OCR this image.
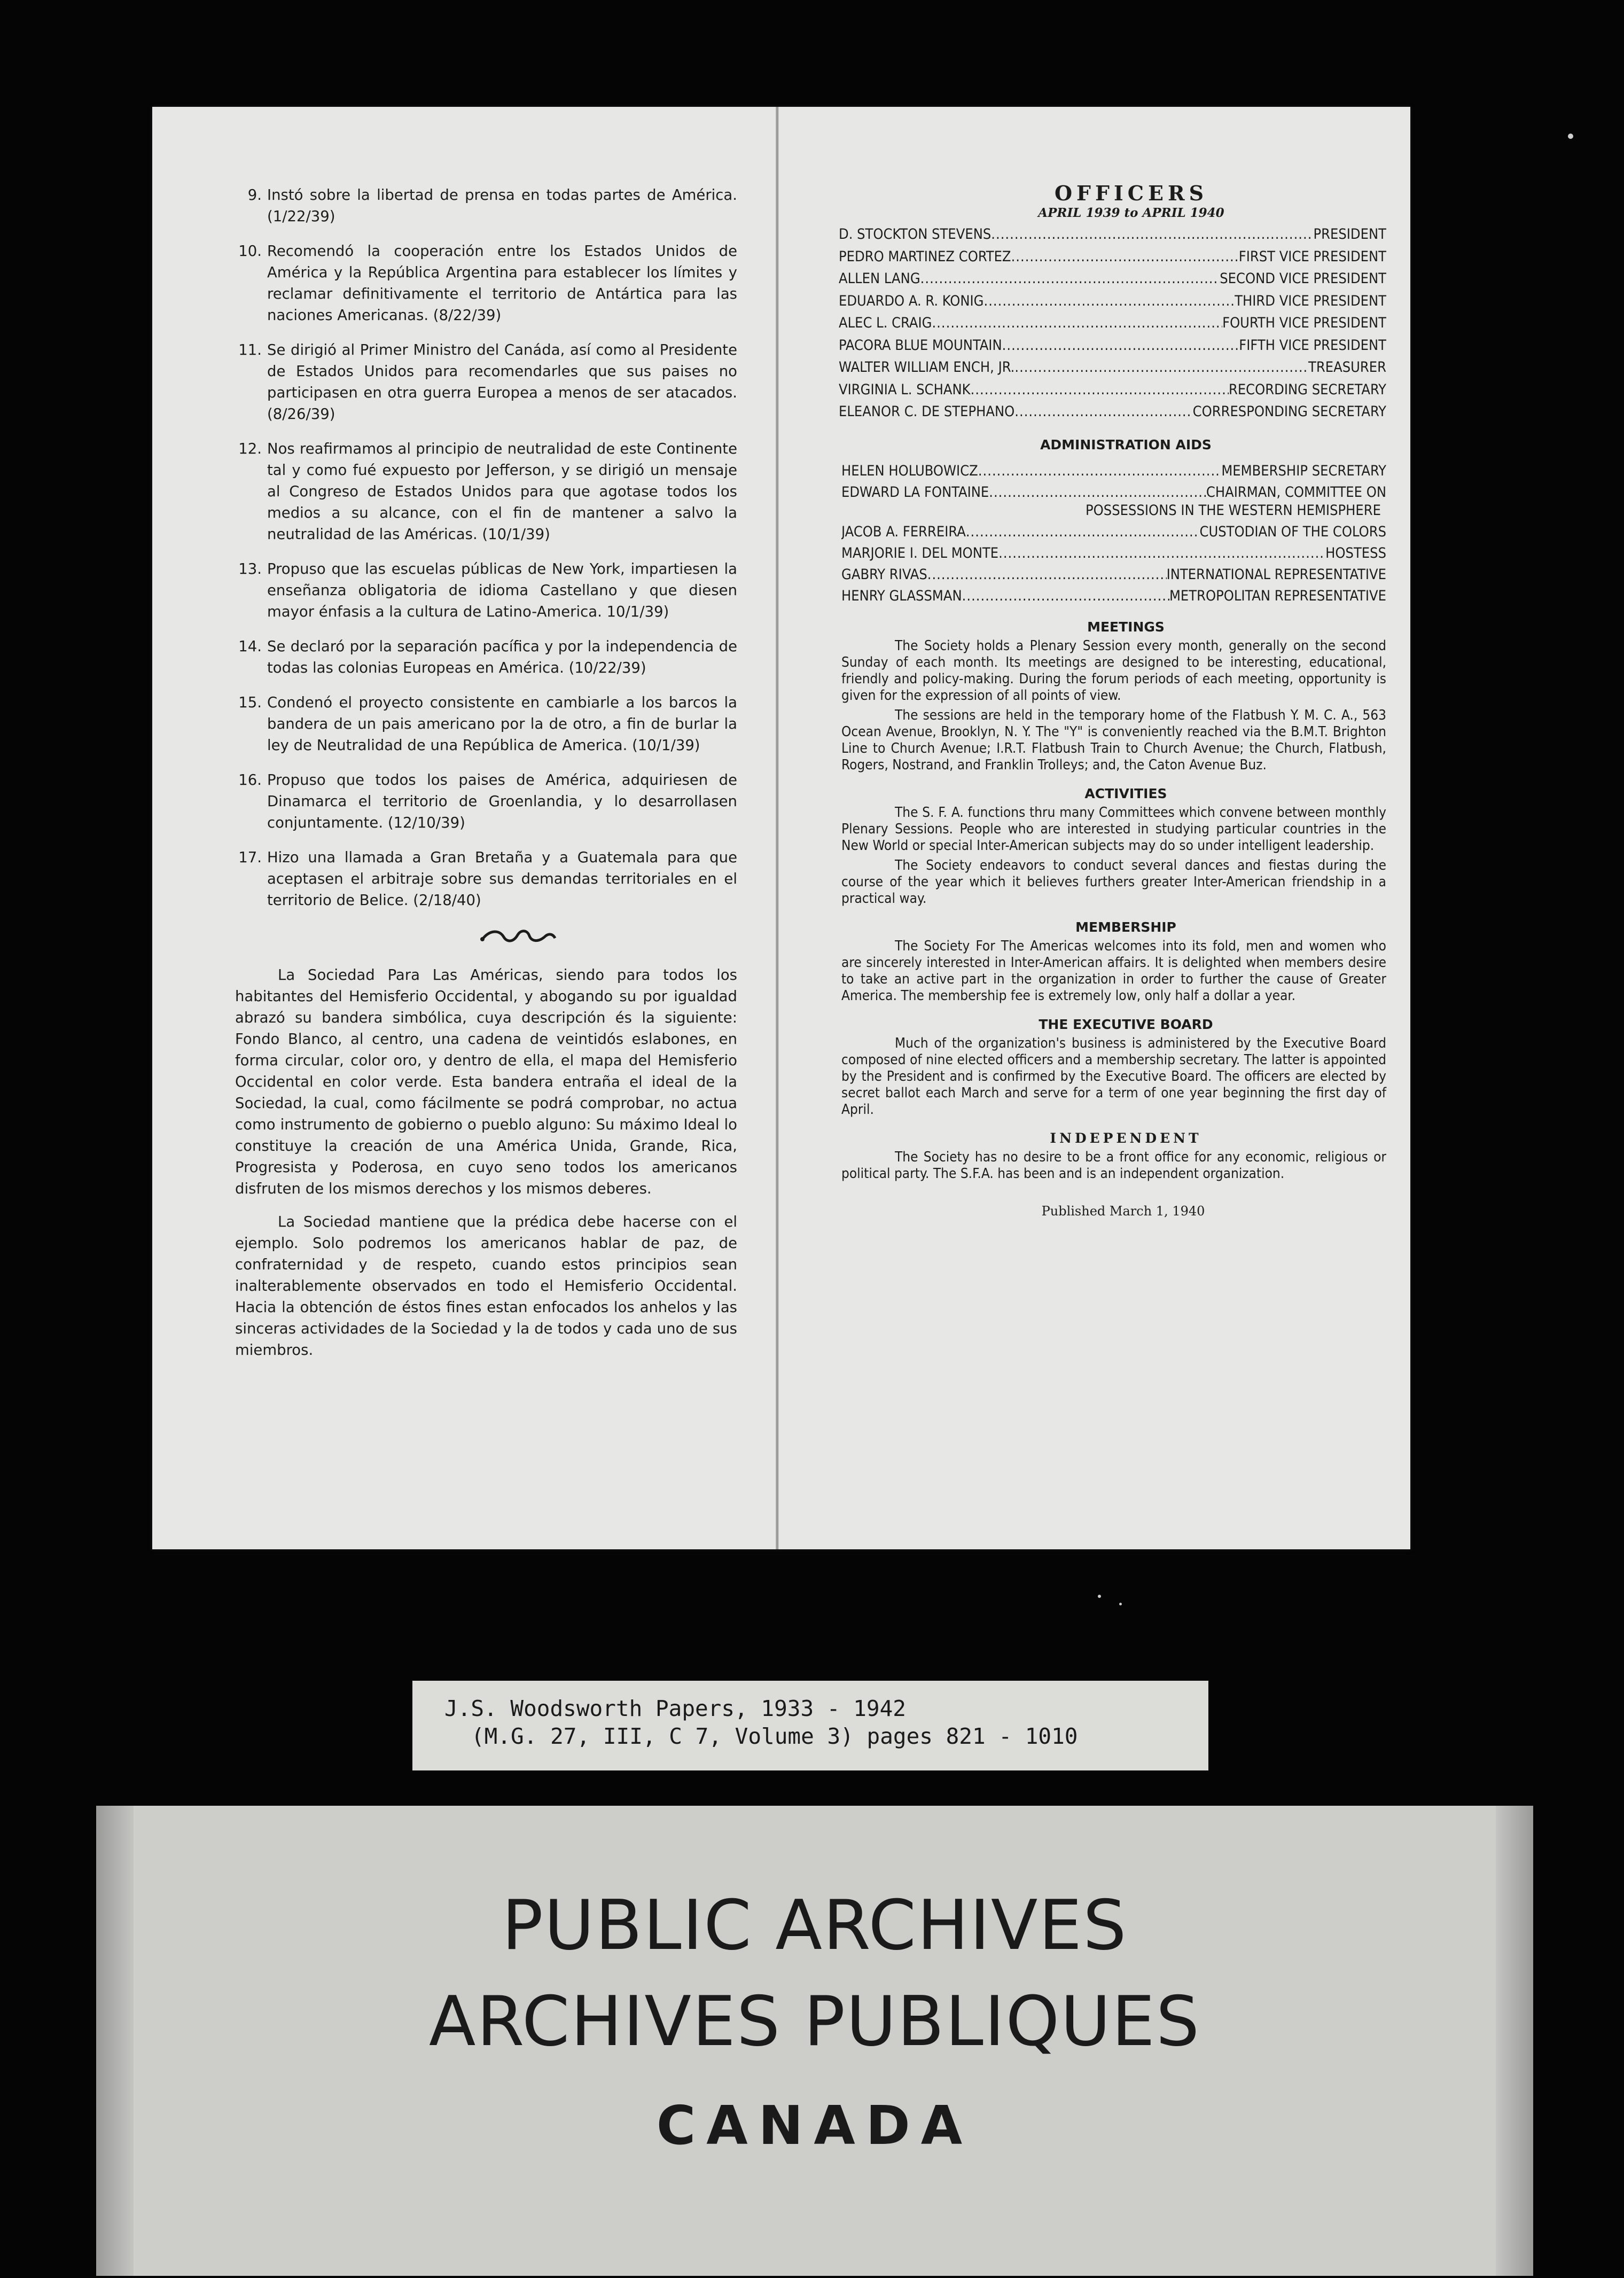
9. Instó sobre la libertad de prensa en todas partes de América. (1/22/39)
10. Recomendó la cooperación entre los Estados Unidos de América y la República Argentina para establecer los límites y reclamar definitivamente el territorio de Antártica para las naciones Americanas. (8/22/39)
11. Se dirigió al Primer Ministro del Canáda, así como al Presidente de Estados Unidos para recomendarles que sus paises no participasen en otra guerra Europea a menos de ser atacados. (8/26/39)
12. Nos reafirmamos al principio de neutralidad de este Continente tal y como fué expuesto por Jefferson, y se dirigió un mensaje al Congreso de Estados Unidos para que agotase todos los medios a su alcance, con el fin de mantener a salvo la neutralidad de las Américas. (10/1/39)
13. Propuso que las escuelas públicas de New York, impartiesen la enseñanza obligatoria de idioma Castellano y que diesen mayor énfasis a la cultura de Latino-America. 10/1/39)
14. Se declaró por la separación pacífica y por la independencia de todas las colonias Europeas en América. (10/22/39)
15. Condenó el proyecto consistente en cambiarle a los barcos la bandera de un pais americano por la de otro, a fin de burlar la ley de Neutralidad de una República de America. (10/1/39)
16. Propuso que todos los paises de América, adquiriesen de Dinamarca el territorio de Groenlandia, y lo desarrollasen conjuntamente. (12/10/39)
17. Hizo una llamada a Gran Bretaña y a Guatemala para que aceptasen el arbitraje sobre sus demandas territoriales en el territorio de Belice. (2/18/40)

La Sociedad Para Las Américas, siendo para todos los habitantes del Hemisferio Occidental, y abogando su por igualdad abrazó su bandera simbólica, cuya descripción és la siguiente: Fondo Blanco, al centro, una cadena de veintidós eslabones, en forma circular, color oro, y dentro de ella, el mapa del Hemisferio Occidental en color verde. Esta bandera entraña el ideal de la Sociedad, la cual, como fácilmente se podrá comprobar, no actua como instrumento de gobierno o pueblo alguno: Su máximo Ideal lo constituye la creación de una América Unida, Grande, Rica, Progresista y Poderosa, en cuyo seno todos los americanos disfruten de los mismos derechos y los mismos deberes.

La Sociedad mantiene que la prédica debe hacerse con el ejemplo. Solo podremos los americanos hablar de paz, de confraternidad y de respeto, cuando estos principios sean inalterablemente observados en todo el Hemisferio Occidental. Hacia la obtención de éstos fines estan enfocados los anhelos y las sinceras actividades de la Sociedad y la de todos y cada uno de sus miembros.

OFFICERS
APRIL 1939 to APRIL 1940
D. STOCKTON STEVENS .....	PRESIDENT
PEDRO MARTINEZ CORTEZ .....	FIRST VICE PRESIDENT
ALLEN LANG .....	SECOND VICE PRESIDENT
EDUARDO A. R. KONIG .....	THIRD VICE PRESIDENT
ALEC L. CRAIG .....	FOURTH VICE PRESIDENT
PACORA BLUE MOUNTAIN .....	FIFTH VICE PRESIDENT
WALTER WILLIAM ENCH, JR. .....	TREASURER
VIRGINIA L. SCHANK .....	RECORDING SECRETARY
ELEANOR C. DE STEPHANO .....	CORRESPONDING SECRETARY
ADMINISTRATION AIDS
HELEN HOLUBOWICZ .....	MEMBERSHIP SECRETARY
EDWARD LA FONTAINE .....	CHAIRMAN, COMMITTEE ON
POSSESSIONS IN THE WESTERN HEMISPHERE
JACOB A. FERREIRA .....	CUSTODIAN OF THE COLORS
MARJORIE I. DEL MONTE .....	HOSTESS
GABRY RIVAS .....	INTERNATIONAL REPRESENTATIVE
HENRY GLASSMAN .....	METROPOLITAN REPRESENTATIVE
MEETINGS

The Society holds a Plenary Session every month, generally on the second Sunday of each month. Its meetings are designed to be interesting, educational, friendly and policy-making. During the forum periods of each meeting, opportunity is given for the expression of all points of view.

The sessions are held in the temporary home of the Flatbush Y. M. C. A., 563 Ocean Avenue, Brooklyn, N. Y. The "Y" is conveniently reached via the B.M.T. Brighton Line to Church Avenue; I.R.T. Flatbush Train to Church Avenue; the Church, Flatbush, Rogers, Nostrand, and Franklin Trolleys; and, the Caton Avenue Buz.

ACTIVITIES

The S. F. A. functions thru many Committees which convene between monthly Plenary Sessions. People who are interested in studying particular countries in the New World or special Inter-American subjects may do so under intelligent leadership.

The Society endeavors to conduct several dances and fiestas during the course of the year which it believes furthers greater Inter-American friendship in a practical way.

MEMBERSHIP

The Society For The Americas welcomes into its fold, men and women who are sincerely interested in Inter-American affairs. It is delighted when members desire to take an active part in the organization in order to further the cause of Greater America. The membership fee is extremely low, only half a dollar a year.

THE EXECUTIVE BOARD

Much of the organization's business is administered by the Executive Board composed of nine elected officers and a membership secretary. The latter is appointed by the President and is confirmed by the Executive Board. The officers are elected by secret ballot each March and serve for a term of one year beginning the first day of April.

INDEPENDENT

The Society has no desire to be a front office for any economic, religious or political party. The S.F.A. has been and is an independent organization.

Published March 1, 1940
J.S. Woodsworth Papers, 1933 - 1942
(M.G. 27, III, C 7, Volume 3) pages 821 - 1010
PUBLIC ARCHIVES
ARCHIVES PUBLIQUES
CANADA
